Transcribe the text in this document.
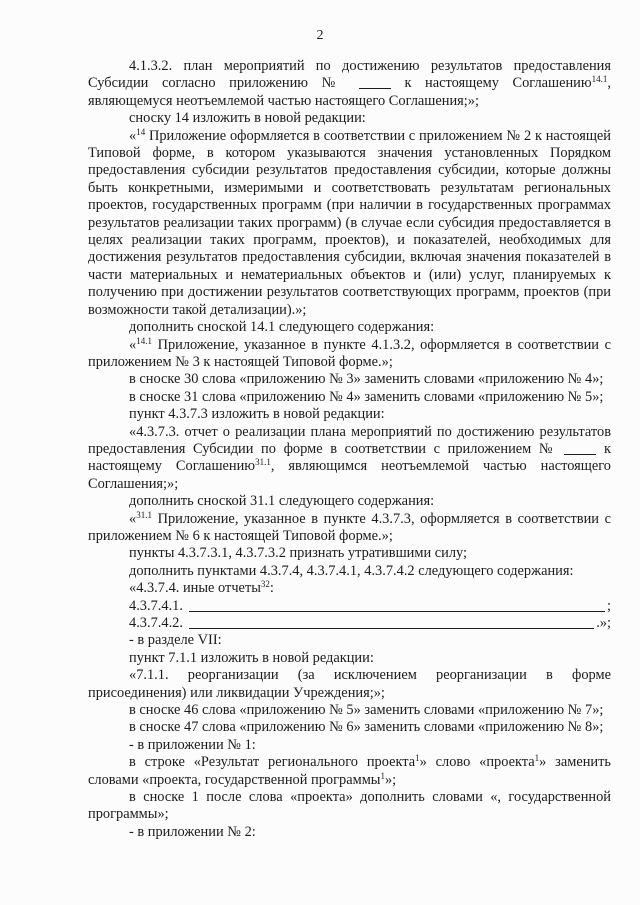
2

4.1.3.2. план мероприятий по достижению результатов предоставления Субсидии согласно приложению №	к настоящему Соглашению$^{14.1}$, являющемуся неотъемлемой частью настоящего Соглашения;»;

сноску 14 изложить в новой редакции:

«$^{14}$ Приложение оформляется в соответствии с приложением № 2 к настоящей Типовой форме, в котором указываются значения установленных Порядком предоставления субсидии результатов предоставления субсидии, которые должны быть конкретными, измеримыми и соответствовать результатам региональных проектов, государственных программ (при наличии в государственных программах результатов реализации таких программ) (в случае если субсидия предоставляется в целях реализации таких программ, проектов), и показателей, необходимых для достижения результатов предоставления субсидии, включая значения показателей в части материальных и нематериальных объектов и (или) услуг, планируемых к получению при достижении результатов соответствующих программ, проектов (при возможности такой детализации).»;

дополнить сноской 14.1 следующего содержания:

«$^{14.1}$ Приложение, указанное в пункте 4.1.3.2, оформляется в соответствии с приложением № 3 к настоящей Типовой форме.»;

в сноске 30 слова «приложению № 3» заменить словами «приложению № 4»;

в сноске 31 слова «приложению № 4» заменить словами «приложению № 5»;

пункт 4.3.7.3 изложить в новой редакции:

«4.3.7.3. отчет о реализации плана мероприятий по достижению результатов предоставления Субсидии по форме в соответствии с приложением №	к настоящему Соглашению$^{31.1}$, являющимся неотъемлемой частью настоящего Соглашения;»;

дополнить сноской 31.1 следующего содержания:

«$^{31.1}$ Приложение, указанное в пункте 4.3.7.3, оформляется в соответствии с приложением № 6 к настоящей Типовой форме.»;

пункты 4.3.7.3.1, 4.3.7.3.2 признать утратившими силу;

дополнить пунктами 4.3.7.4, 4.3.7.4.1, 4.3.7.4.2 следующего содержания:

«4.3.7.4. иные отчеты$^{32}$:

4.3.7.4.1.	;

4.3.7.4.2.	.»;

- в разделе VII:

пункт 7.1.1 изложить в новой редакции:

«7.1.1. реорганизации (за исключением реорганизации в форме присоединения) или ликвидации Учреждения;»;

в сноске 46 слова «приложению № 5» заменить словами «приложению № 7»;

в сноске 47 слова «приложению № 6» заменить словами «приложению № 8»;

- в приложении № 1:

в строке «Результат регионального проекта$^1$» слово «проекта$^1$» заменить словами «проекта, государственной программы$^1$»;

в сноске 1 после слова «проекта» дополнить словами «, государственной программы»;

- в приложении № 2:
